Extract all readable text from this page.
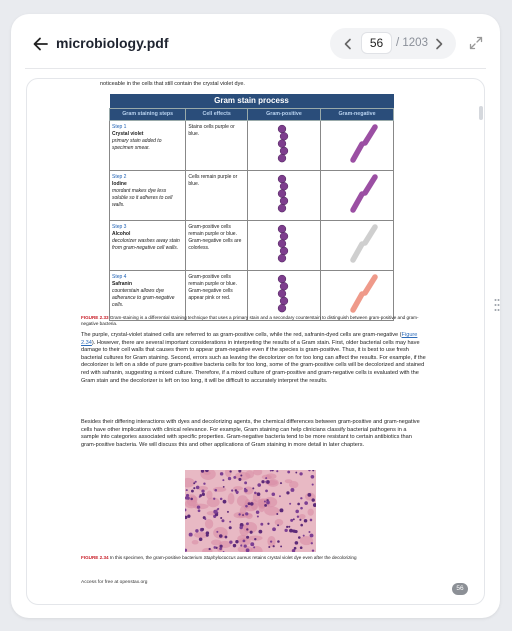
microbiology.pdf	56	/ 1203
noticeable in the cells that still contain the crystal violet dye.
Gram stain process			
Gram staining steps	Cell effects	Gram-positive	Gram-negative

Step 1
Crystal violet
primary stain added to specimen smear.	Stains cells purple or blue.		

Step 2
Iodine
mordant makes dye less soluble so it adheres to cell walls.	Cells remain purple or blue.		

Step 3
Alcohol
decolorizer washes away stain from gram-negative cell walls.	Gram-positive cells remain purple or blue. Gram-negative cells are colorless.		

Step 4
Safranin
counterstain allows dye adherance to gram-negative cells.	Gram-positive cells remain purple or blue. Gram-negative cells appear pink or red.		
FIGURE 2.33 Gram-staining is a differential staining technique that uses a primary stain and a secondary counterstain to distinguish between gram-positive and gram-negative bacteria.
The purple, crystal-violet stained cells are referred to as gram-positive cells, while the red, safranin-dyed cells are gram-negative (Figure 2.34). However, there are several important considerations in interpreting the results of a Gram stain. First, older bacterial cells may have damage to their cell walls that causes them to appear gram-negative even if the species is gram-positive. Thus, it is best to use fresh bacterial cultures for Gram staining. Second, errors such as leaving the decolorizer on for too long can affect the results. For example, if the decolorizer is left on a slide of pure gram-positive bacteria cells for too long, some of the gram-positive cells will be decolorized and stained red with safranin, suggesting a mixed culture. Therefore, if a mixed culture of gram-positive and gram-negative cells is evaluated with the Gram stain and the decolorizer is left on too long, it will be difficult to accurately interpret the results.
Besides their differing interactions with dyes and decolorizing agents, the chemical differences between gram-positive and gram-negative cells have other implications with clinical relevance. For example, Gram staining can help clinicians classify bacterial pathogens in a sample into categories associated with specific properties. Gram-negative bacteria tend to be more resistant to certain antibiotics than gram-positive bacteria. We will discuss this and other applications of Gram staining in more detail in later chapters.
FIGURE 2.34 In this specimen, the gram-positive bacterium Staphylococcus aureus retains crystal violet dye even after the decolorizing
Access for free at openstax.org
56
